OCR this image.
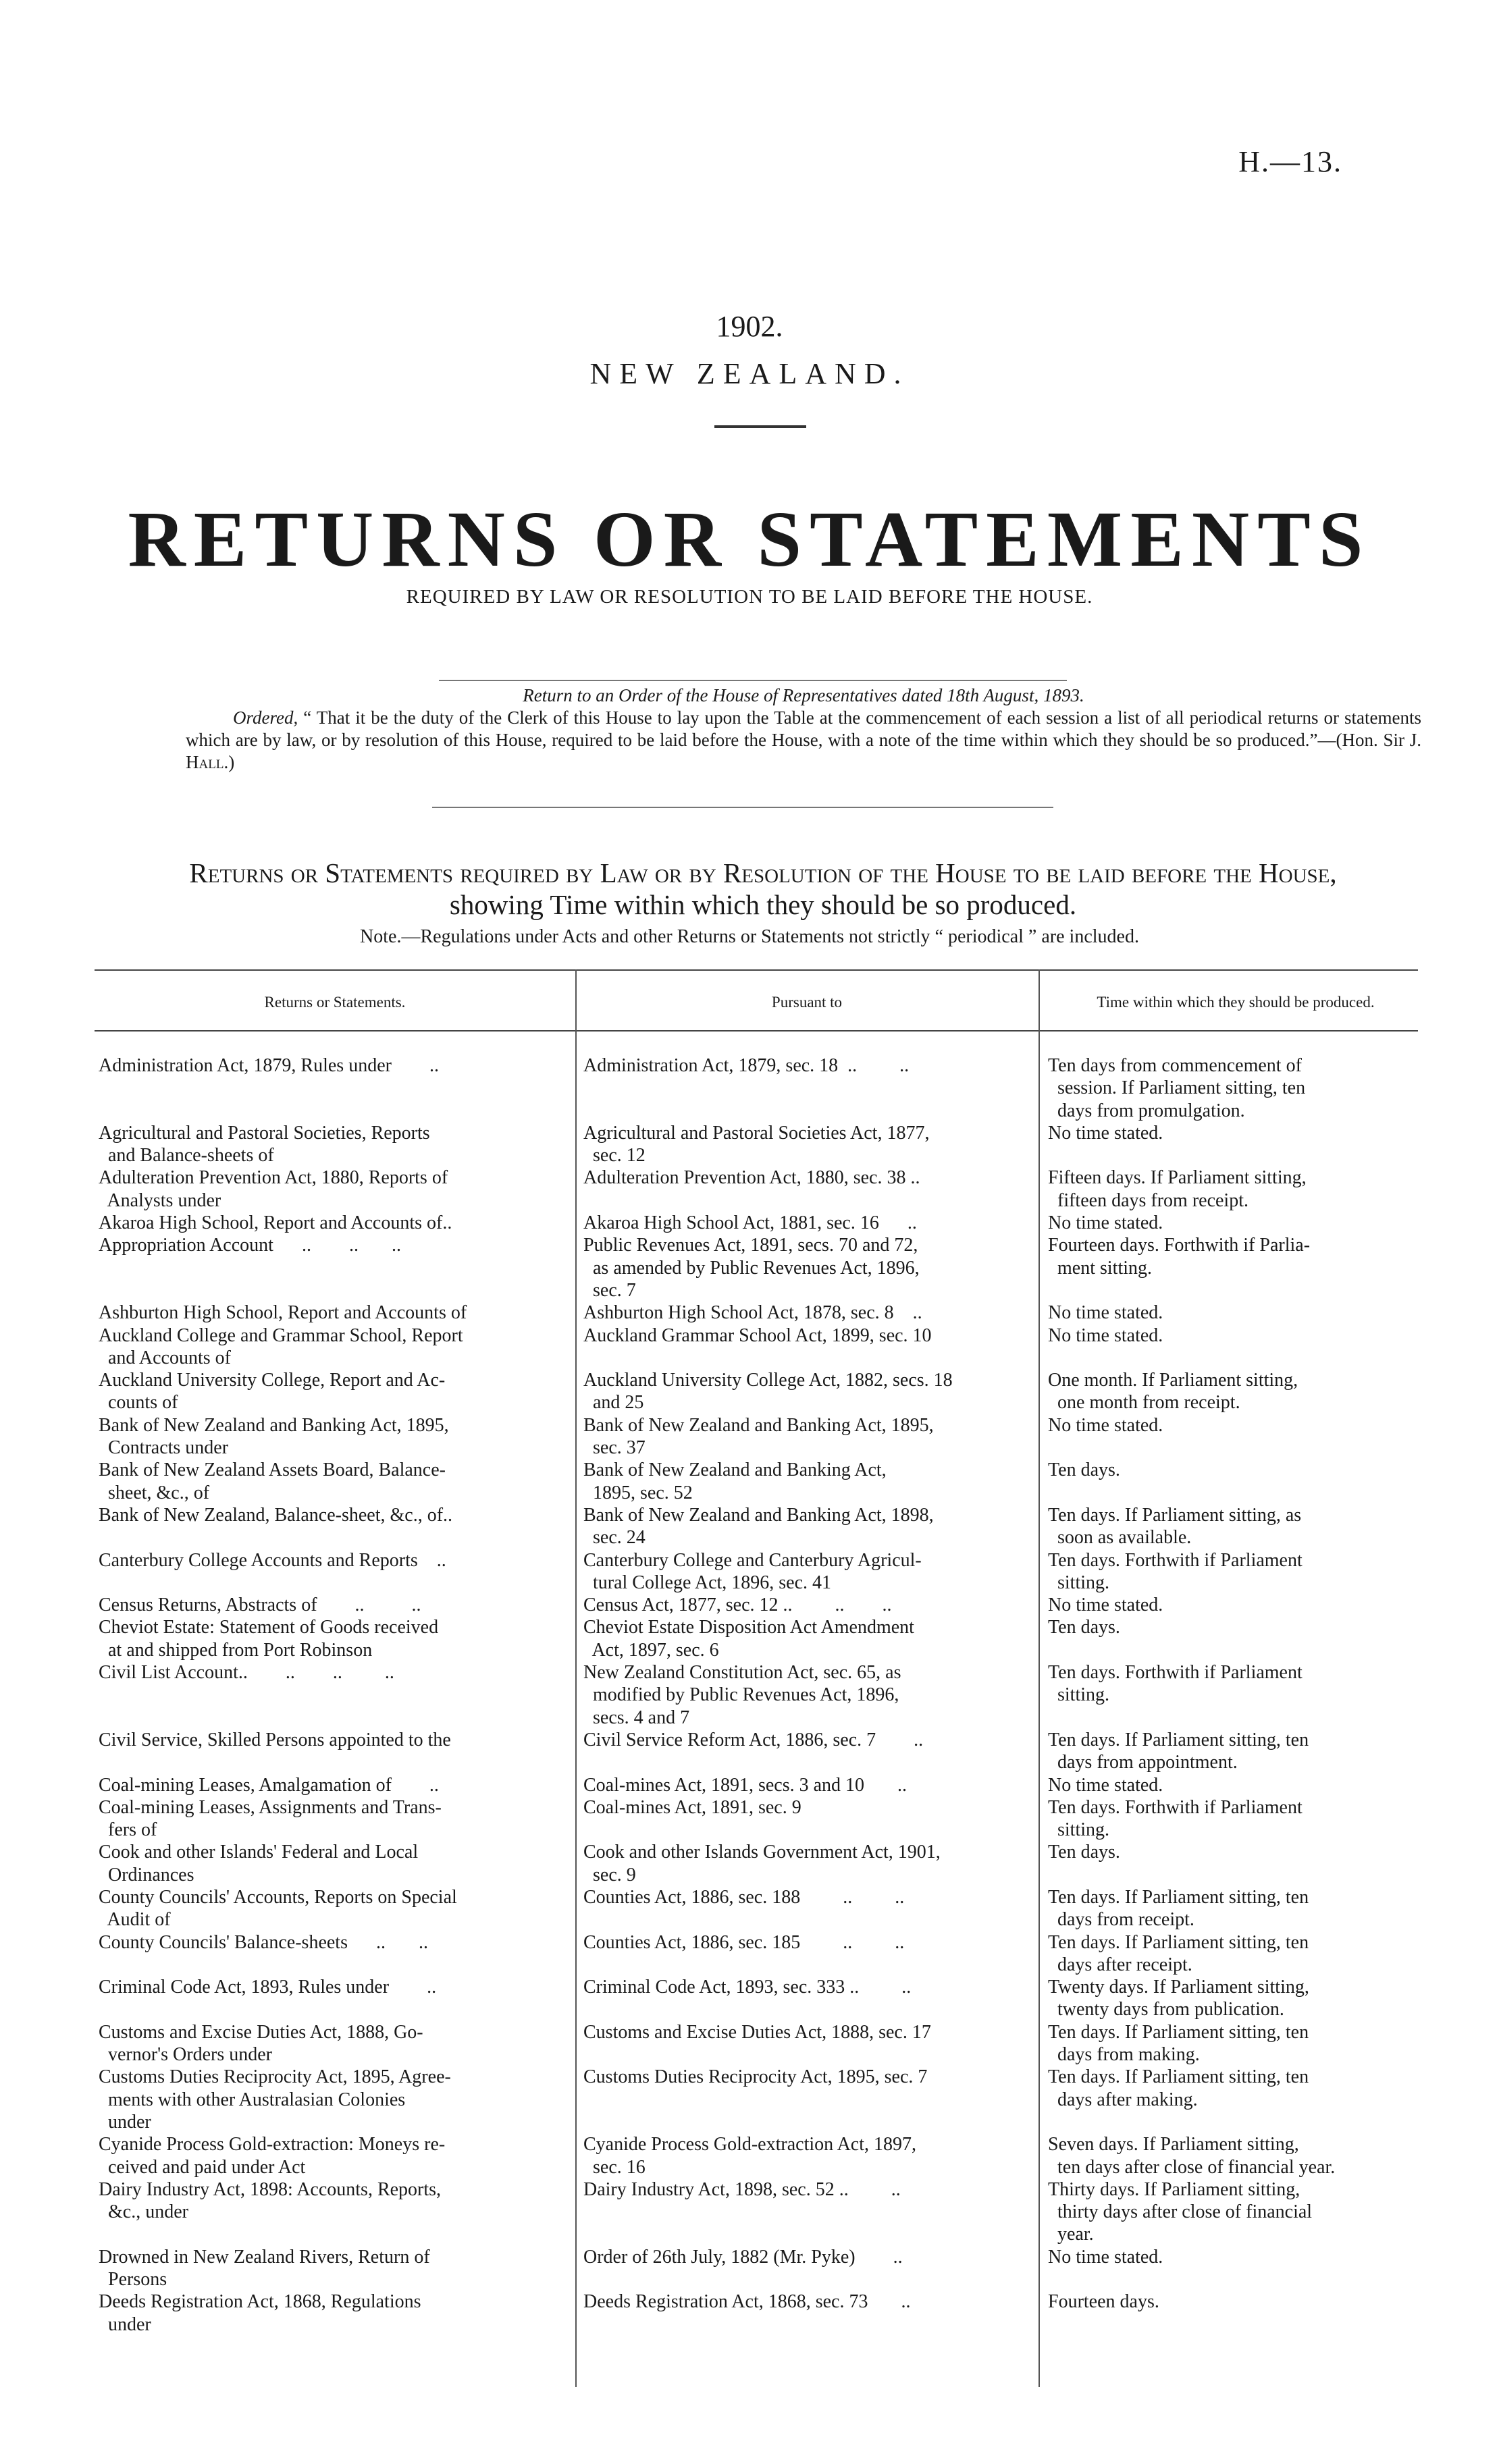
H.—13.
1902.
NEW ZEALAND.
RETURNS OR STATEMENTS
REQUIRED BY LAW OR RESOLUTION TO BE LAID BEFORE THE HOUSE.
Return to an Order of the House of Representatives dated 18th August, 1893.
Ordered, “ That it be the duty of the Clerk of this House to lay upon the Table at the commencement of each session a list of all periodical returns or statements which are by law, or by resolution of this House, required to be laid before the House, with a note of the time within which they should be so produced.”—(Hon. Sir J. Hall.)
Returns or Statements required by Law or by Resolution of the House to be laid before the House,
showing Time within which they should be so produced.
Note.—Regulations under Acts and other Returns or Statements not strictly “ periodical ” are included.
Returns or Statements.	Pursuant to	Time within which they should be produced.
Administration Act, 1879, Rules under        ..

Agricultural and Pastoral Societies, Reports
and Balance-sheets of
Adulteration Prevention Act, 1880, Reports of
Analysts under
Akaroa High School, Report and Accounts of..
Appropriation Account      ..        ..       ..

Ashburton High School, Report and Accounts of
Auckland College and Grammar School, Report
and Accounts of
Auckland University College, Report and Ac-
counts of
Bank of New Zealand and Banking Act, 1895,
Contracts under
Bank of New Zealand Assets Board, Balance-
sheet, &c., of
Bank of New Zealand, Balance-sheet, &c., of..

Canterbury College Accounts and Reports    ..

Census Returns, Abstracts of        ..          ..
Cheviot Estate: Statement of Goods received
at and shipped from Port Robinson
Civil List Account..        ..        ..         ..

Civil Service, Skilled Persons appointed to the

Coal-mining Leases, Amalgamation of        ..
Coal-mining Leases, Assignments and Trans-
fers of
Cook and other Islands' Federal and Local
Ordinances
County Councils' Accounts, Reports on Special
Audit of
County Councils' Balance-sheets      ..       ..

Criminal Code Act, 1893, Rules under        ..

Customs and Excise Duties Act, 1888, Go-
vernor's Orders under
Customs Duties Reciprocity Act, 1895, Agree-
ments with other Australasian Colonies
under
Cyanide Process Gold-extraction: Moneys re-
ceived and paid under Act
Dairy Industry Act, 1898: Accounts, Reports,
&c., under

Drowned in New Zealand Rivers, Return of
Persons
Deeds Registration Act, 1868, Regulations
under
Administration Act, 1879, sec. 18  ..         ..

Agricultural and Pastoral Societies Act, 1877,
sec. 12
Adulteration Prevention Act, 1880, sec. 38 ..

Akaroa High School Act, 1881, sec. 16      ..
Public Revenues Act, 1891, secs. 70 and 72,
as amended by Public Revenues Act, 1896,
sec. 7
Ashburton High School Act, 1878, sec. 8    ..
Auckland Grammar School Act, 1899, sec. 10

Auckland University College Act, 1882, secs. 18
and 25
Bank of New Zealand and Banking Act, 1895,
sec. 37
Bank of New Zealand and Banking Act,
1895, sec. 52
Bank of New Zealand and Banking Act, 1898,
sec. 24
Canterbury College and Canterbury Agricul-
tural College Act, 1896, sec. 41
Census Act, 1877, sec. 12 ..         ..        ..
Cheviot Estate Disposition Act Amendment
Act, 1897, sec. 6
New Zealand Constitution Act, sec. 65, as
modified by Public Revenues Act, 1896,
secs. 4 and 7
Civil Service Reform Act, 1886, sec. 7        ..

Coal-mines Act, 1891, secs. 3 and 10       ..
Coal-mines Act, 1891, sec. 9

Cook and other Islands Government Act, 1901,
sec. 9
Counties Act, 1886, sec. 188         ..         ..

Counties Act, 1886, sec. 185         ..         ..

Criminal Code Act, 1893, sec. 333 ..         ..

Customs and Excise Duties Act, 1888, sec. 17

Customs Duties Reciprocity Act, 1895, sec. 7

Cyanide Process Gold-extraction Act, 1897,
sec. 16
Dairy Industry Act, 1898, sec. 52 ..         ..

Order of 26th July, 1882 (Mr. Pyke)        ..

Deeds Registration Act, 1868, sec. 73       ..
Ten days from commencement of
session. If Parliament sitting, ten
days from promulgation.
No time stated.

Fifteen days. If Parliament sitting,
fifteen days from receipt.
No time stated.
Fourteen days. Forthwith if Parlia-
ment sitting.

No time stated.
No time stated.

One month. If Parliament sitting,
one month from receipt.
No time stated.

Ten days.

Ten days. If Parliament sitting, as
soon as available.
Ten days. Forthwith if Parliament
sitting.
No time stated.
Ten days.

Ten days. Forthwith if Parliament
sitting.

Ten days. If Parliament sitting, ten
days from appointment.
No time stated.
Ten days. Forthwith if Parliament
sitting.
Ten days.

Ten days. If Parliament sitting, ten
days from receipt.
Ten days. If Parliament sitting, ten
days after receipt.
Twenty days. If Parliament sitting,
twenty days from publication.
Ten days. If Parliament sitting, ten
days from making.
Ten days. If Parliament sitting, ten
days after making.

Seven days. If Parliament sitting,
ten days after close of financial year.
Thirty days. If Parliament sitting,
thirty days after close of financial
year.
No time stated.

Fourteen days.
